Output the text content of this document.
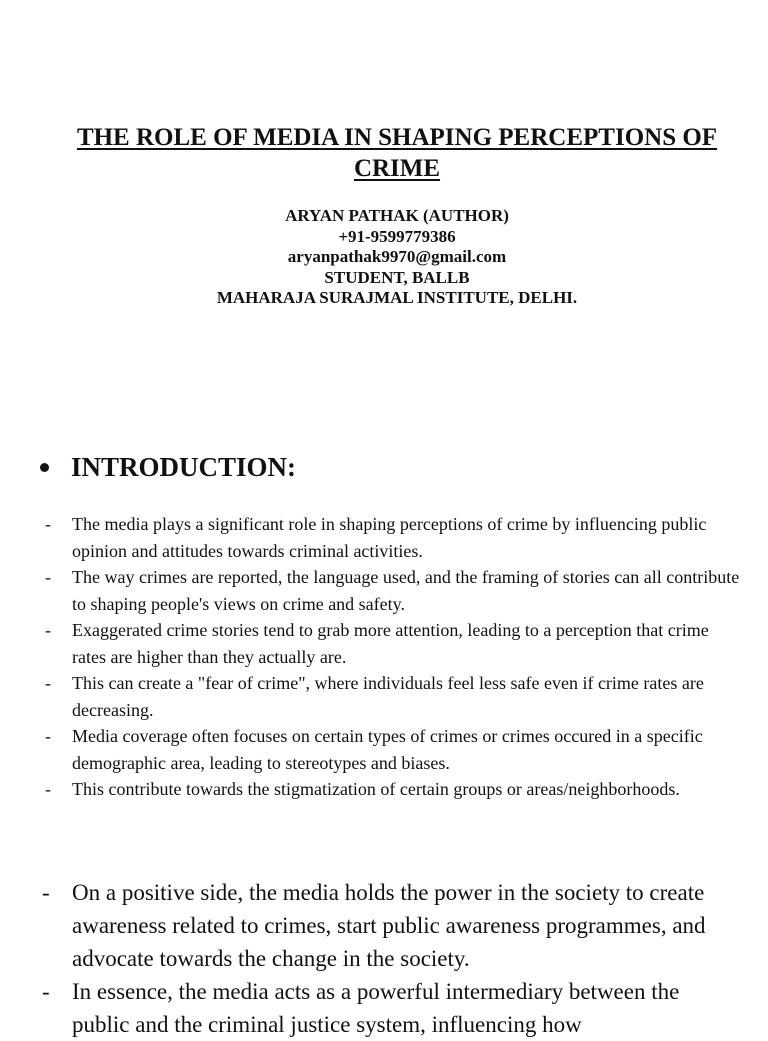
THE ROLE OF MEDIA IN SHAPING PERCEPTIONS OF CRIME
ARYAN PATHAK (AUTHOR)
+91-9599779386
aryanpathak9970@gmail.com
STUDENT, BALLB
MAHARAJA SURAJMAL INSTITUTE, DELHI.
INTRODUCTION:
- The media plays a significant role in shaping perceptions of crime by influencing public opinion and attitudes towards criminal activities.
- The way crimes are reported, the language used, and the framing of stories can all contribute to shaping people's views on crime and safety.
- Exaggerated crime stories tend to grab more attention, leading to a perception that crime rates are higher than they actually are.
- This can create a "fear of crime", where individuals feel less safe even if crime rates are decreasing.
- Media coverage often focuses on certain types of crimes or crimes occured in a specific demographic area, leading to stereotypes and biases.
- This contribute towards the stigmatization of certain groups or areas/neighborhoods.
- On a positive side, the media holds the power in the society to create awareness related to crimes, start public awareness programmes, and advocate towards the change in the society.
- In essence, the media acts as a powerful intermediary between the public and the criminal justice system, influencing how
